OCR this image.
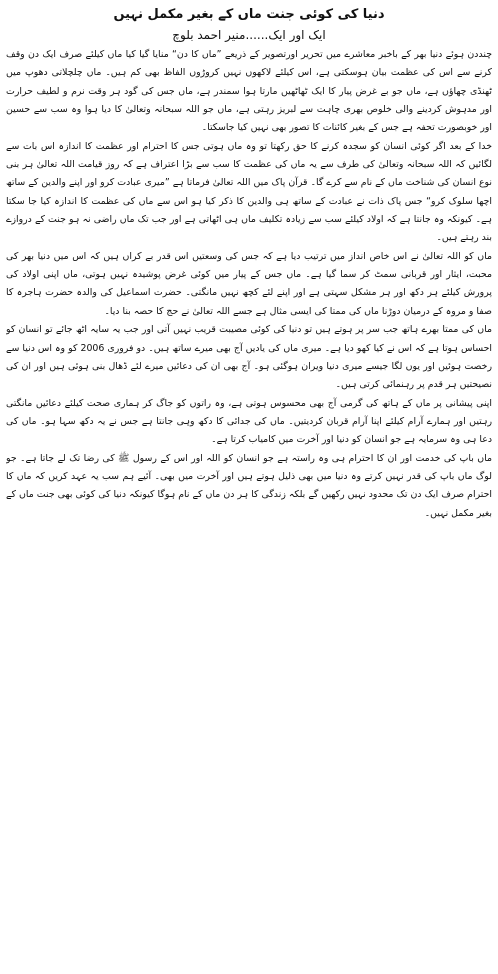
دنیا کی کوئی جنت ماں کے بغیر مکمل نہیں
ایک اور ایک......منیر احمد بلوچ

چنددن ہوئے دنیا بھر کے باخبر معاشرے میں تحریر اورتصویر کے ذریعے ”ماں کا دن“ منایا گیا کیا ماں کیلئے صرف ایک دن وقف کرنے سے اس کی عظمت بیان ہوسکتی ہے، اس کیلئے لاکھوں نہیں کروڑوں الفاظ بھی کم ہیں۔ ماں چلچلاتی دھوپ میں ٹھنڈی چھاؤں ہے، ماں جو بے غرض پیار کا ایک ٹھاٹھیں مارتا ہوا سمندر ہے، ماں جس کی گود ہر وقت نرم و لطیف حرارت اور مدہوش کردینے والی خلوص بھری چاہت سے لبریز رہتی ہے، ماں جو اللہ سبحانہ وتعالیٰ کا دیا ہوا وہ سب سے حسین اور خوبصورت تحفہ ہے جس کے بغیر کائنات کا تصور بھی نہیں کیا جاسکتا۔

خدا کے بعد اگر کوئی انسان کو سجدہ کرنے کا حق رکھتا تو وہ ماں ہوتی جس کا احترام اور عظمت کا اندازہ اس بات سے لگائیں کہ اللہ سبحانہ وتعالیٰ کی طرف سے یہ ماں کی عظمت کا سب سے بڑا اعتراف ہے کہ روز قیامت اللہ تعالیٰ ہر بنی نوع انسان کی شناخت ماں کے نام سے کرے گا۔ قرآن پاک میں اللہ تعالیٰ فرماتا ہے ”میری عبادت کرو اور اپنے والدین کے ساتھ اچھا سلوک کرو“ جس پاک ذات نے عبادت کے ساتھ ہی والدین کا ذکر کیا ہو اس سے ماں کی عظمت کا اندازہ کیا جا سکتا ہے۔ کیونکہ وہ جانتا ہے کہ اولاد کیلئے سب سے زیادہ تکلیف ماں ہی اٹھاتی ہے اور جب تک ماں راضی نہ ہو جنت کے دروازے بند رہتے ہیں۔

ماں کو اللہ تعالیٰ نے اس خاص انداز میں ترتیب دیا ہے کہ جس کی وسعتیں اس قدر بے کراں ہیں کہ اس میں دنیا بھر کی محبت، ایثار اور قربانی سمٹ کر سما گیا ہے۔ ماں جس کے پیار میں کوئی غرض پوشیدہ نہیں ہوتی، ماں اپنی اولاد کی پرورش کیلئے ہر دکھ اور ہر مشکل سہتی ہے اور اپنے لئے کچھ نہیں مانگتی۔ حضرت اسماعیل کی والدہ حضرت ہاجرہ کا صفا و مروہ کے درمیان دوڑنا ماں کی ممتا کی ایسی مثال ہے جسے اللہ تعالیٰ نے حج کا حصہ بنا دیا۔

ماں کی ممتا بھرے ہاتھ جب سر پر ہوتے ہیں تو دنیا کی کوئی مصیبت قریب نہیں آتی اور جب یہ سایہ اٹھ جائے تو انسان کو احساس ہوتا ہے کہ اس نے کیا کھو دیا ہے۔ میری ماں کی یادیں آج بھی میرے ساتھ ہیں۔ دو فروری 2006 کو وہ اس دنیا سے رخصت ہوئیں اور یوں لگا جیسے میری دنیا ویران ہوگئی ہو۔ آج بھی ان کی دعائیں میرے لئے ڈھال بنی ہوئی ہیں اور ان کی نصیحتیں ہر قدم پر رہنمائی کرتی ہیں۔

اپنی پیشانی پر ماں کے ہاتھ کی گرمی آج بھی محسوس ہوتی ہے، وہ راتوں کو جاگ کر ہماری صحت کیلئے دعائیں مانگتی رہتیں اور ہمارے آرام کیلئے اپنا آرام قربان کردیتیں۔ ماں کی جدائی کا دکھ وہی جانتا ہے جس نے یہ دکھ سہا ہو۔ ماں کی دعا ہی وہ سرمایہ ہے جو انسان کو دنیا اور آخرت میں کامیاب کرتا ہے۔

ماں باپ کی خدمت اور ان کا احترام ہی وہ راستہ ہے جو انسان کو اللہ اور اس کے رسول ﷺ کی رضا تک لے جاتا ہے۔ جو لوگ ماں باپ کی قدر نہیں کرتے وہ دنیا میں بھی ذلیل ہوتے ہیں اور آخرت میں بھی۔ آئیے ہم سب یہ عہد کریں کہ ماں کا احترام صرف ایک دن تک محدود نہیں رکھیں گے بلکہ زندگی کا ہر دن ماں کے نام ہوگا کیونکہ دنیا کی کوئی بھی جنت ماں کے بغیر مکمل نہیں۔
